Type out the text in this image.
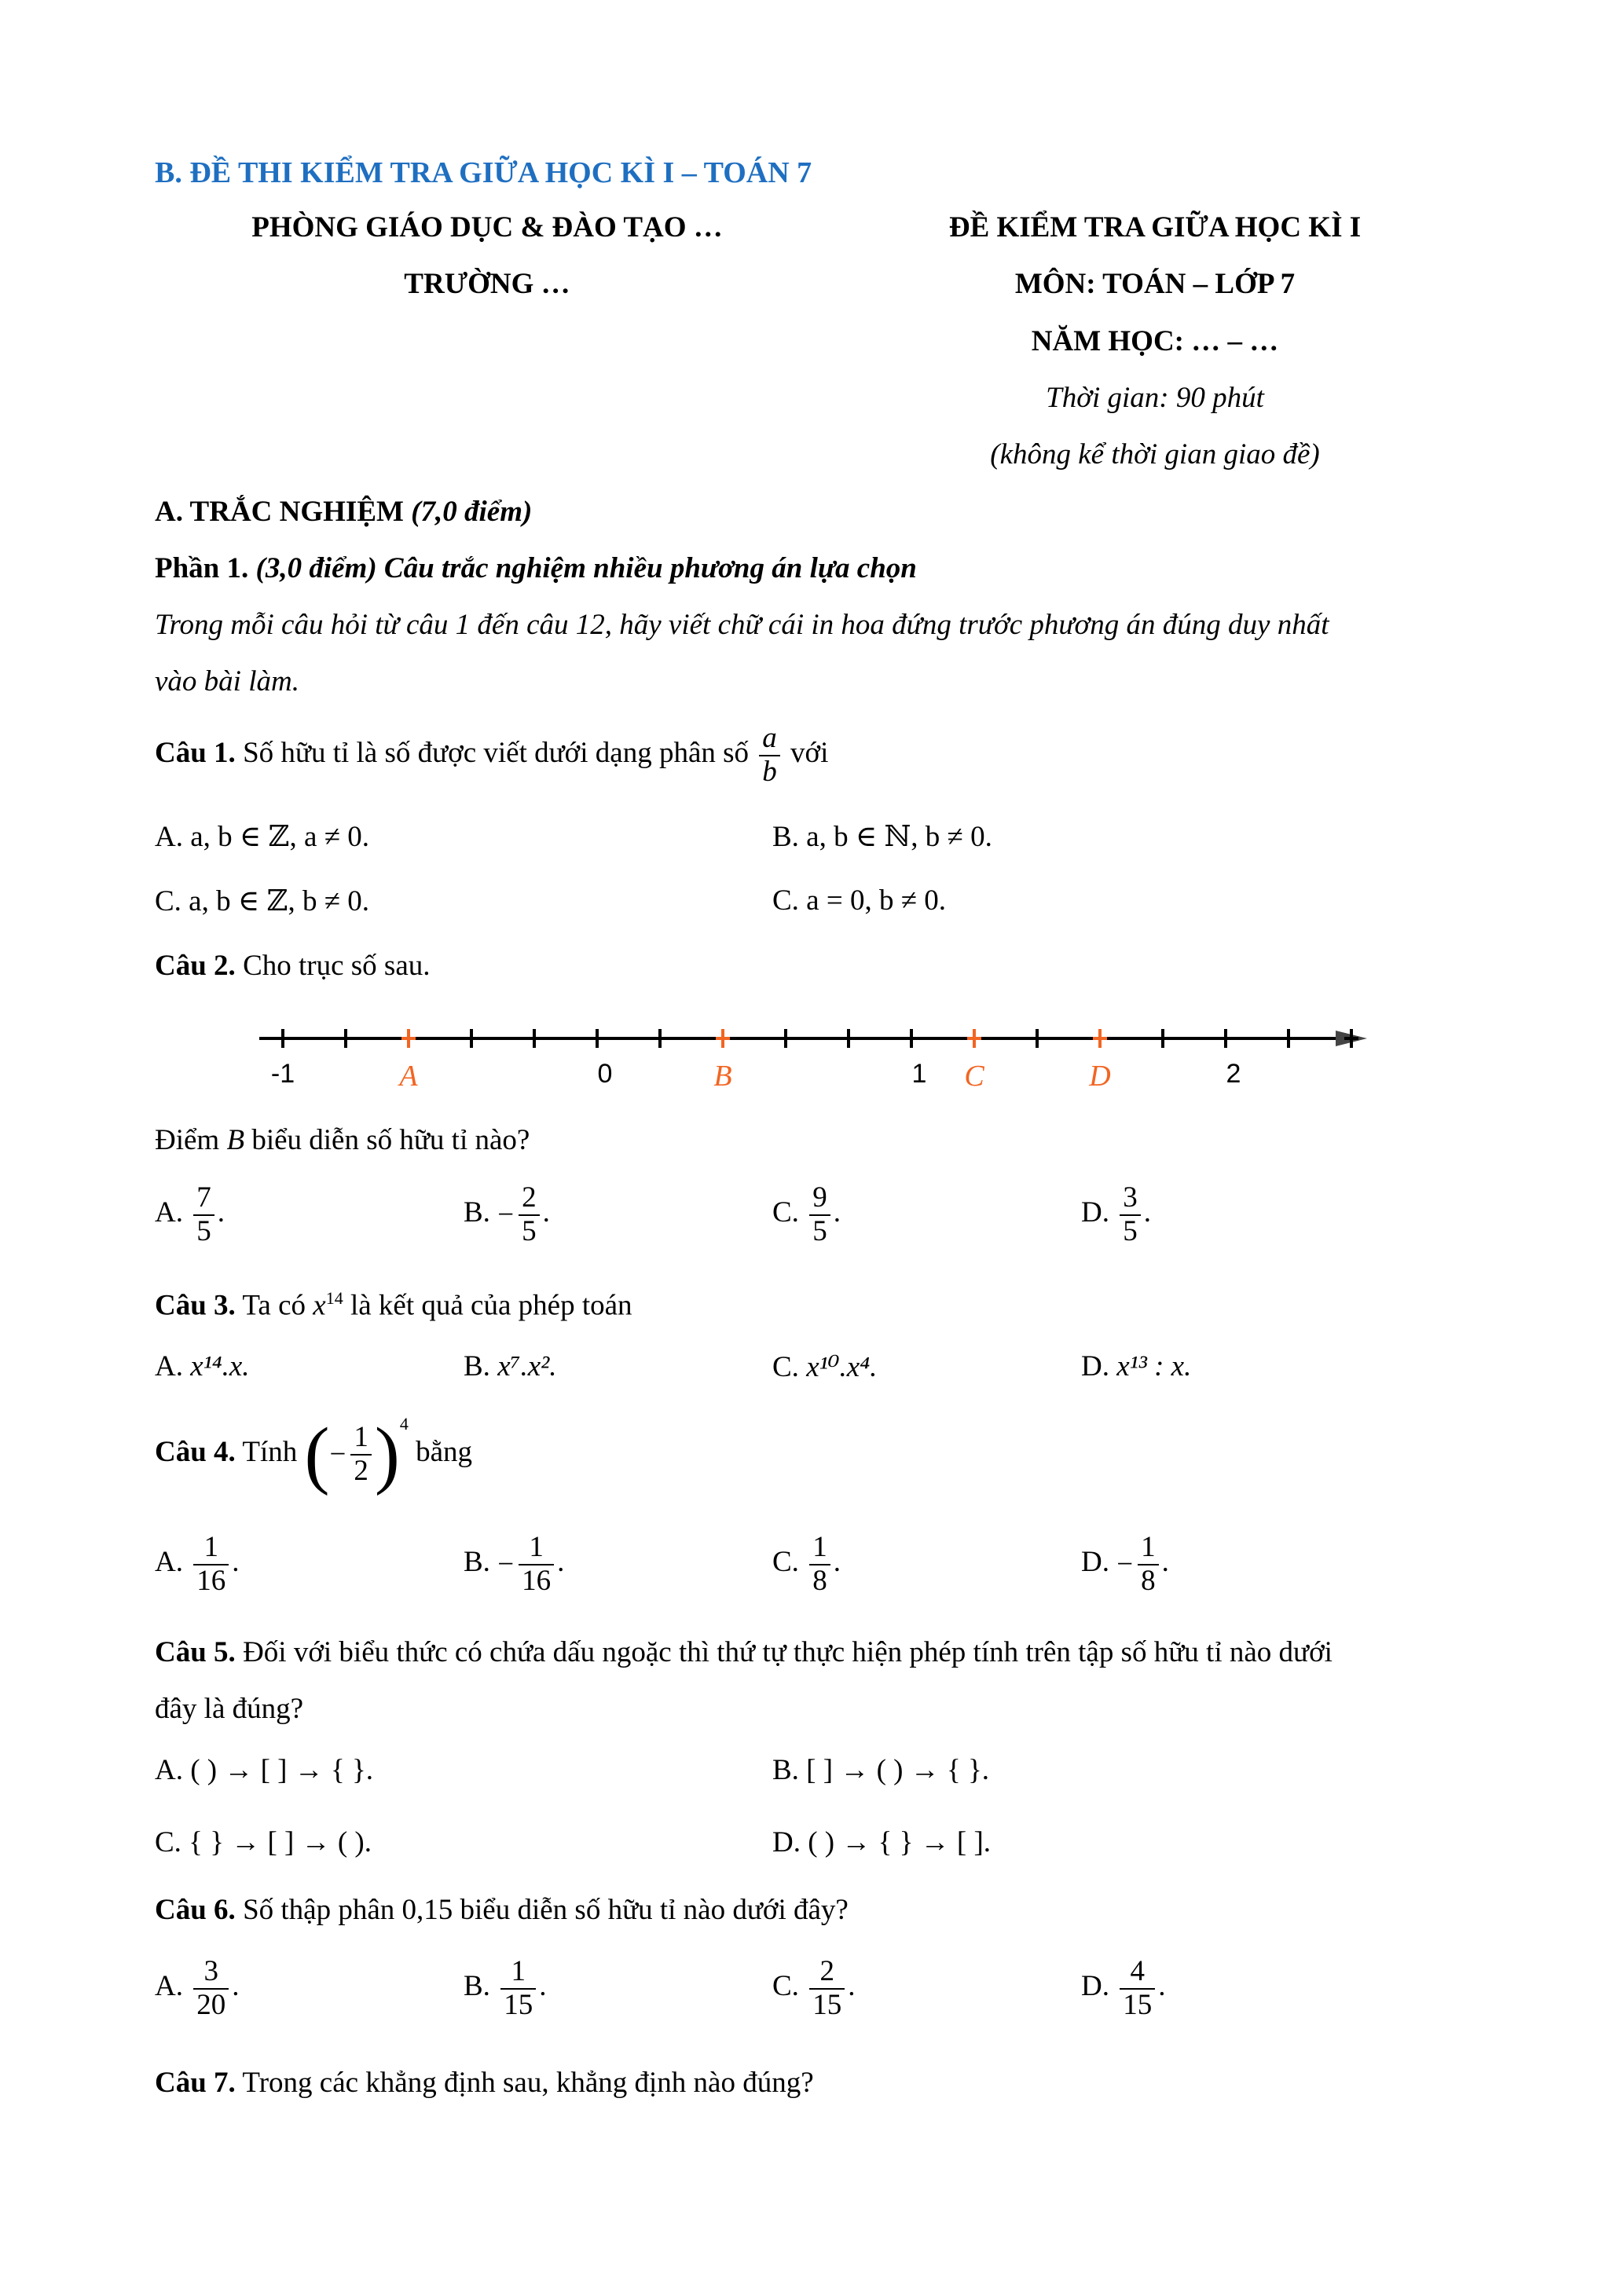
B. ĐỀ THI KIỂM TRA GIỮA HỌC KÌ I – TOÁN 7
PHÒNG GIÁO DỤC & ĐÀO TẠO …
TRƯỜNG …
ĐỀ KIỂM TRA GIỮA HỌC KÌ I
MÔN: TOÁN – LỚP 7
NĂM HỌC: … – …
Thời gian: 90 phút
(không kể thời gian giao đề)
A. TRẮC NGHIỆM (7,0 điểm)
Phần 1. (3,0 điểm) Câu trắc nghiệm nhiều phương án lựa chọn
Trong mỗi câu hỏi từ câu 1 đến câu 12, hãy viết chữ cái in hoa đứng trước phương án đúng duy nhất
vào bài làm.
Câu 1. Số hữu tỉ là số được viết dưới dạng phân số $\frac{a}{b}$ với
A. a, b ∈ ℤ, a ≠ 0.	B. a, b ∈ ℕ, b ≠ 0.
C. a, b ∈ ℤ, b ≠ 0.	C. a = 0, b ≠ 0.
Câu 2. Cho trục số sau.
-1	A	0	B	1 C	D	2
Điểm B biểu diễn số hữu tỉ nào?
A. $\frac{7}{5}$ .	B. − $\frac{2}{5}$ .	C. $\frac{9}{5}$ .	D. $\frac{3}{5}$ .
Câu 3. Ta có $x^{14}$ là kết quả của phép toán
A. x¹⁴.x.	B. x⁷.x².	C. x¹⁰.x⁴.	D. x¹³ : x.
Câu 4. Tính (− $\frac{1}{2} )^4$ bằng
A. $\frac{1}{16}$ .	B. − $\frac{1}{16}$ .	C. $\frac{1}{8}$ .	D. − $\frac{1}{8}$ .
Câu 5. Đối với biểu thức có chứa dấu ngoặc thì thứ tự thực hiện phép tính trên tập số hữu tỉ nào dưới
đây là đúng?
A. ( ) → [ ] → { }.	B. [ ] → ( ) → { }.
C. { } → [ ] → ( ).	D. ( ) → { } → [ ].
Câu 6. Số thập phân 0,15 biểu diễn số hữu tỉ nào dưới đây?
A. $\frac{3}{20}$ .	B. $\frac{1}{15}$ .	C. $\frac{2}{15}$ .	D. $\frac{4}{15}$ .
Câu 7. Trong các khẳng định sau, khẳng định nào đúng?
